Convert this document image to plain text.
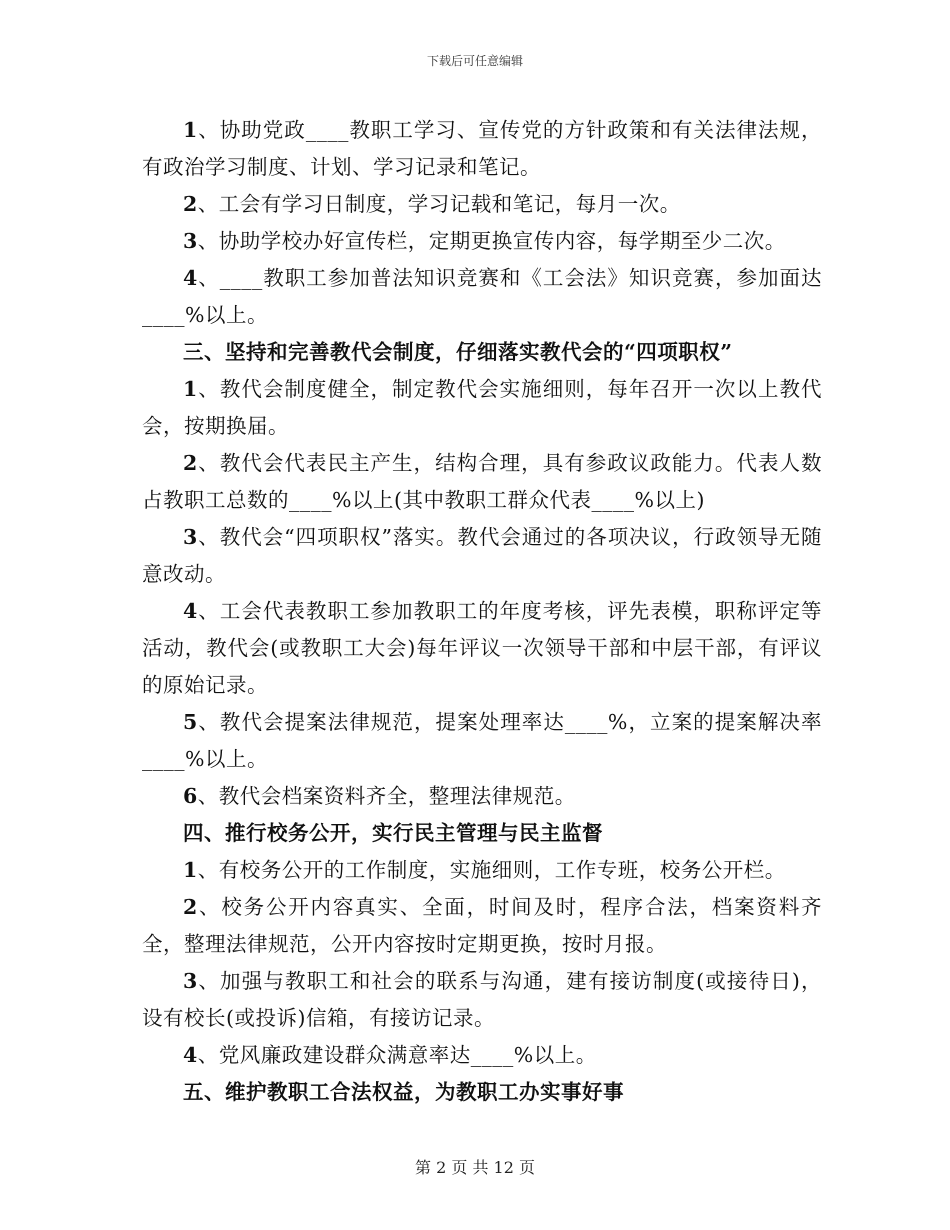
下载后可任意编辑

1、协助党政____教职工学习、宣传党的方针政策和有关法律法规，有政治学习制度、计划、学习记录和笔记。

2、工会有学习日制度，学习记载和笔记，每月一次。

3、协助学校办好宣传栏，定期更换宣传内容，每学期至少二次。

4、____教职工参加普法知识竞赛和《工会法》知识竞赛，参加面达____%以上。

三、坚持和完善教代会制度，仔细落实教代会的“四项职权”

1、教代会制度健全，制定教代会实施细则，每年召开一次以上教代会，按期换届。

2、教代会代表民主产生，结构合理，具有参政议政能力。代表人数占教职工总数的____%以上(其中教职工群众代表____%以上)

3、教代会“四项职权”落实。教代会通过的各项决议，行政领导无随意改动。

4、工会代表教职工参加教职工的年度考核，评先表模，职称评定等活动，教代会(或教职工大会)每年评议一次领导干部和中层干部，有评议的原始记录。

5、教代会提案法律规范，提案处理率达____%，立案的提案解决率____%以上。

6、教代会档案资料齐全，整理法律规范。

四、推行校务公开，实行民主管理与民主监督

1、有校务公开的工作制度，实施细则，工作专班，校务公开栏。

2、校务公开内容真实、全面，时间及时，程序合法，档案资料齐全，整理法律规范，公开内容按时定期更换，按时月报。

3、加强与教职工和社会的联系与沟通，建有接访制度(或接待日)，设有校长(或投诉)信箱，有接访记录。

4、党风廉政建设群众满意率达____%以上。

五、维护教职工合法权益，为教职工办实事好事

第 2 页 共 12 页
